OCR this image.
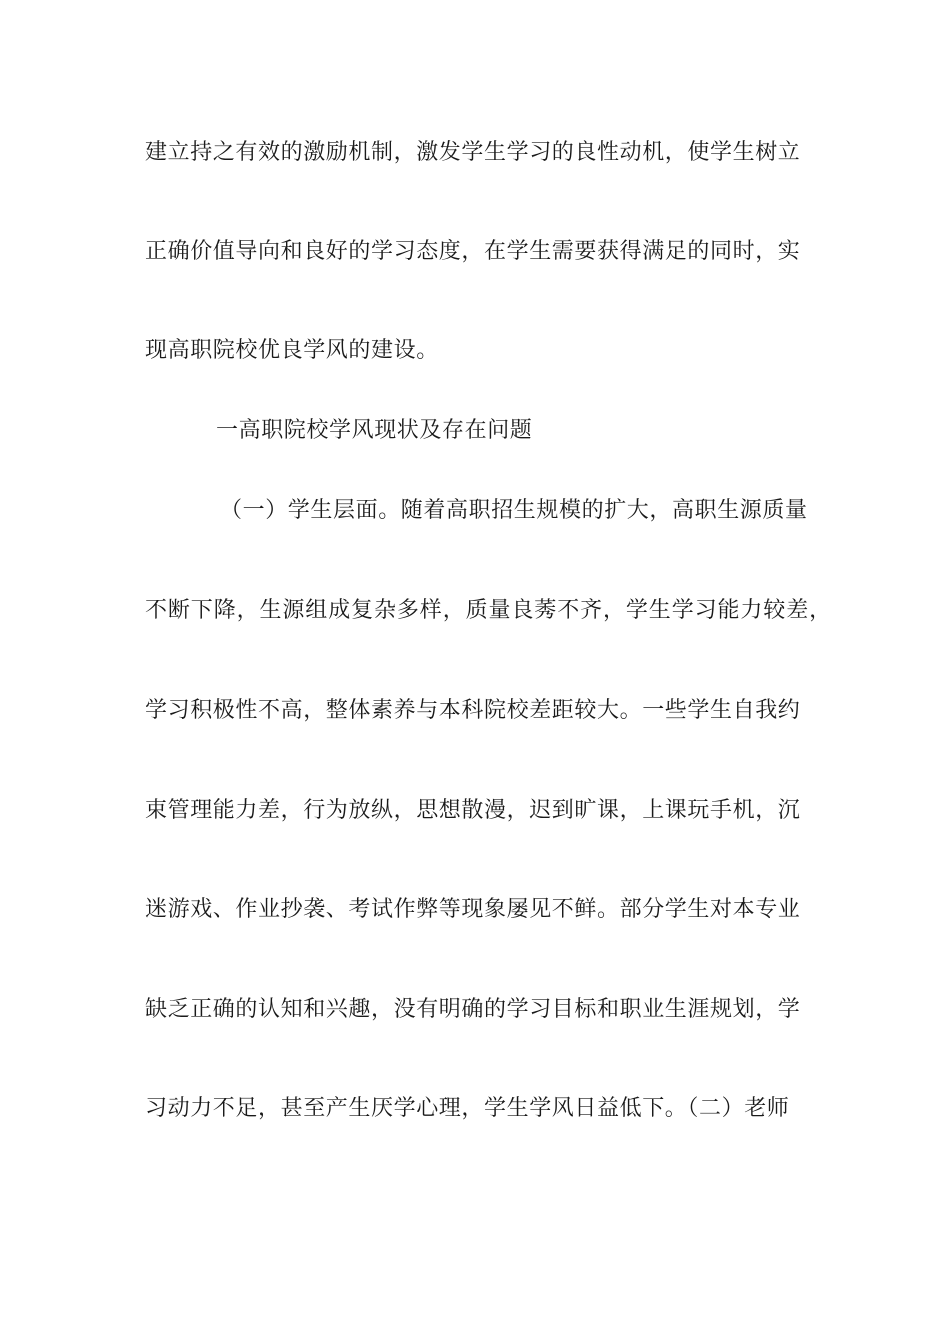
建立持之有效的激励机制，激发学生学习的良性动机，使学生树立
正确价值导向和良好的学习态度，在学生需要获得满足的同时，实
现高职院校优良学风的建设。
一高职院校学风现状及存在问题
（一）学生层面。随着高职招生规模的扩大，高职生源质量
不断下降，生源组成复杂多样，质量良莠不齐，学生学习能力较差，
学习积极性不高，整体素养与本科院校差距较大。一些学生自我约
束管理能力差，行为放纵，思想散漫，迟到旷课，上课玩手机，沉
迷游戏、作业抄袭、考试作弊等现象屡见不鲜。部分学生对本专业
缺乏正确的认知和兴趣，没有明确的学习目标和职业生涯规划，学
习动力不足，甚至产生厌学心理，学生学风日益低下。（二）老师
